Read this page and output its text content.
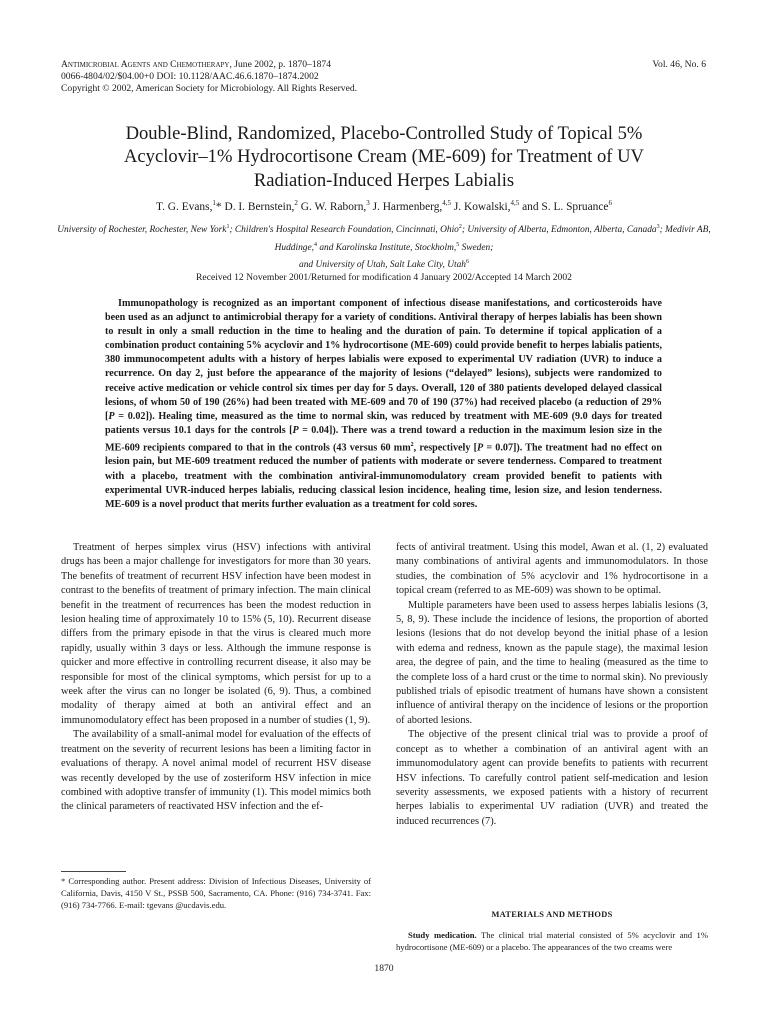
Antimicrobial Agents and Chemotherapy, June 2002, p. 1870–1874
0066-4804/02/$04.00+0 DOI: 10.1128/AAC.46.6.1870–1874.2002
Copyright © 2002, American Society for Microbiology. All Rights Reserved.
Vol. 46, No. 6
Double-Blind, Randomized, Placebo-Controlled Study of Topical 5%
Acyclovir–1% Hydrocortisone Cream (ME-609) for Treatment of UV
Radiation-Induced Herpes Labialis
T. G. Evans,$^1$* D. I. Bernstein,$^2$ G. W. Raborn,$^3$ J. Harmenberg,$^{4,5}$ J. Kowalski,$^{4,5}$ and S. L. Spruance$^6$
University of Rochester, Rochester, New York$^1$; Children's Hospital Research Foundation, Cincinnati, Ohio$^2$; University of Alberta, Edmonton, Alberta, Canada$^3$; Medivir AB, Huddinge,$^4$ and Karolinska Institute, Stockholm,$^5$ Sweden;
and University of Utah, Salt Lake City, Utah$^6$
Received 12 November 2001/Returned for modification 4 January 2002/Accepted 14 March 2002
Immunopathology is recognized as an important component of infectious disease manifestations, and corticosteroids have been used as an adjunct to antimicrobial therapy for a variety of conditions. Antiviral therapy of herpes labialis has been shown to result in only a small reduction in the time to healing and the duration of pain. To determine if topical application of a combination product containing 5% acyclovir and 1% hydrocortisone (ME-609) could provide benefit to herpes labialis patients, 380 immunocompetent adults with a history of herpes labialis were exposed to experimental UV radiation (UVR) to induce a recurrence. On day 2, just before the appearance of the majority of lesions (“delayed” lesions), subjects were randomized to receive active medication or vehicle control six times per day for 5 days. Overall, 120 of 380 patients developed delayed classical lesions, of whom 50 of 190 (26%) had been treated with ME-609 and 70 of 190 (37%) had received placebo (a reduction of 29% [P = 0.02]). Healing time, measured as the time to normal skin, was reduced by treatment with ME-609 (9.0 days for treated patients versus 10.1 days for the controls [P = 0.04]). There was a trend toward a reduction in the maximum lesion size in the ME-609 recipients compared to that in the controls (43 versus 60 $mm^2$, respectively [P = 0.07]). The treatment had no effect on lesion pain, but ME-609 treatment reduced the number of patients with moderate or severe tenderness. Compared to treatment with a placebo, treatment with the combination antiviral-immunomodulatory cream provided benefit to patients with experimental UVR-induced herpes labialis, reducing classical lesion incidence, healing time, lesion size, and lesion tenderness. ME-609 is a novel product that merits further evaluation as a treatment for cold sores.

Treatment of herpes simplex virus (HSV) infections with antiviral drugs has been a major challenge for investigators for more than 30 years. The benefits of treatment of recurrent HSV infection have been modest in contrast to the benefits of treatment of primary infection. The main clinical benefit in the treatment of recurrences has been the modest reduction in lesion healing time of approximately 10 to 15% (5, 10). Recurrent disease differs from the primary episode in that the virus is cleared much more rapidly, usually within 3 days or less. Although the immune response is quicker and more effective in controlling recurrent disease, it also may be responsible for most of the clinical symptoms, which persist for up to a week after the virus can no longer be isolated (6, 9). Thus, a combined modality of therapy aimed at both an antiviral effect and an immunomodulatory effect has been proposed in a number of studies (1, 9).

The availability of a small-animal model for evaluation of the effects of treatment on the severity of recurrent lesions has been a limiting factor in evaluations of therapy. A novel animal model of recurrent HSV disease was recently developed by the use of zosteriform HSV infection in mice combined with adoptive transfer of immunity (1). This model mimics both the clinical parameters of reactivated HSV infection and the ef-

fects of antiviral treatment. Using this model, Awan et al. (1, 2) evaluated many combinations of antiviral agents and immunomodulators. In those studies, the combination of 5% acyclovir and 1% hydrocortisone in a topical cream (referred to as ME-609) was shown to be optimal.

Multiple parameters have been used to assess herpes labialis lesions (3, 5, 8, 9). These include the incidence of lesions, the proportion of aborted lesions (lesions that do not develop beyond the initial phase of a lesion with edema and redness, known as the papule stage), the maximal lesion area, the degree of pain, and the time to healing (measured as the time to the complete loss of a hard crust or the time to normal skin). No previously published trials of episodic treatment of humans have shown a consistent influence of antiviral therapy on the incidence of lesions or the proportion of aborted lesions.

The objective of the present clinical trial was to provide a proof of concept as to whether a combination of an antiviral agent with an immunomodulatory agent can provide benefits to patients with recurrent HSV infections. To carefully control patient self-medication and lesion severity assessments, we exposed patients with a history of recurrent herpes labialis to experimental UV radiation (UVR) and treated the induced recurrences (7).

* Corresponding author. Present address: Division of Infectious Diseases, University of California, Davis, 4150 V St., PSSB 500, Sacramento, CA. Phone: (916) 734-3741. Fax: (916) 734-7766. E-mail: tgevans @ucdavis.edu.
MATERIALS AND METHODS
Study medication. The clinical trial material consisted of 5% acyclovir and 1% hydrocortisone (ME-609) or a placebo. The appearances of the two creams were
1870
